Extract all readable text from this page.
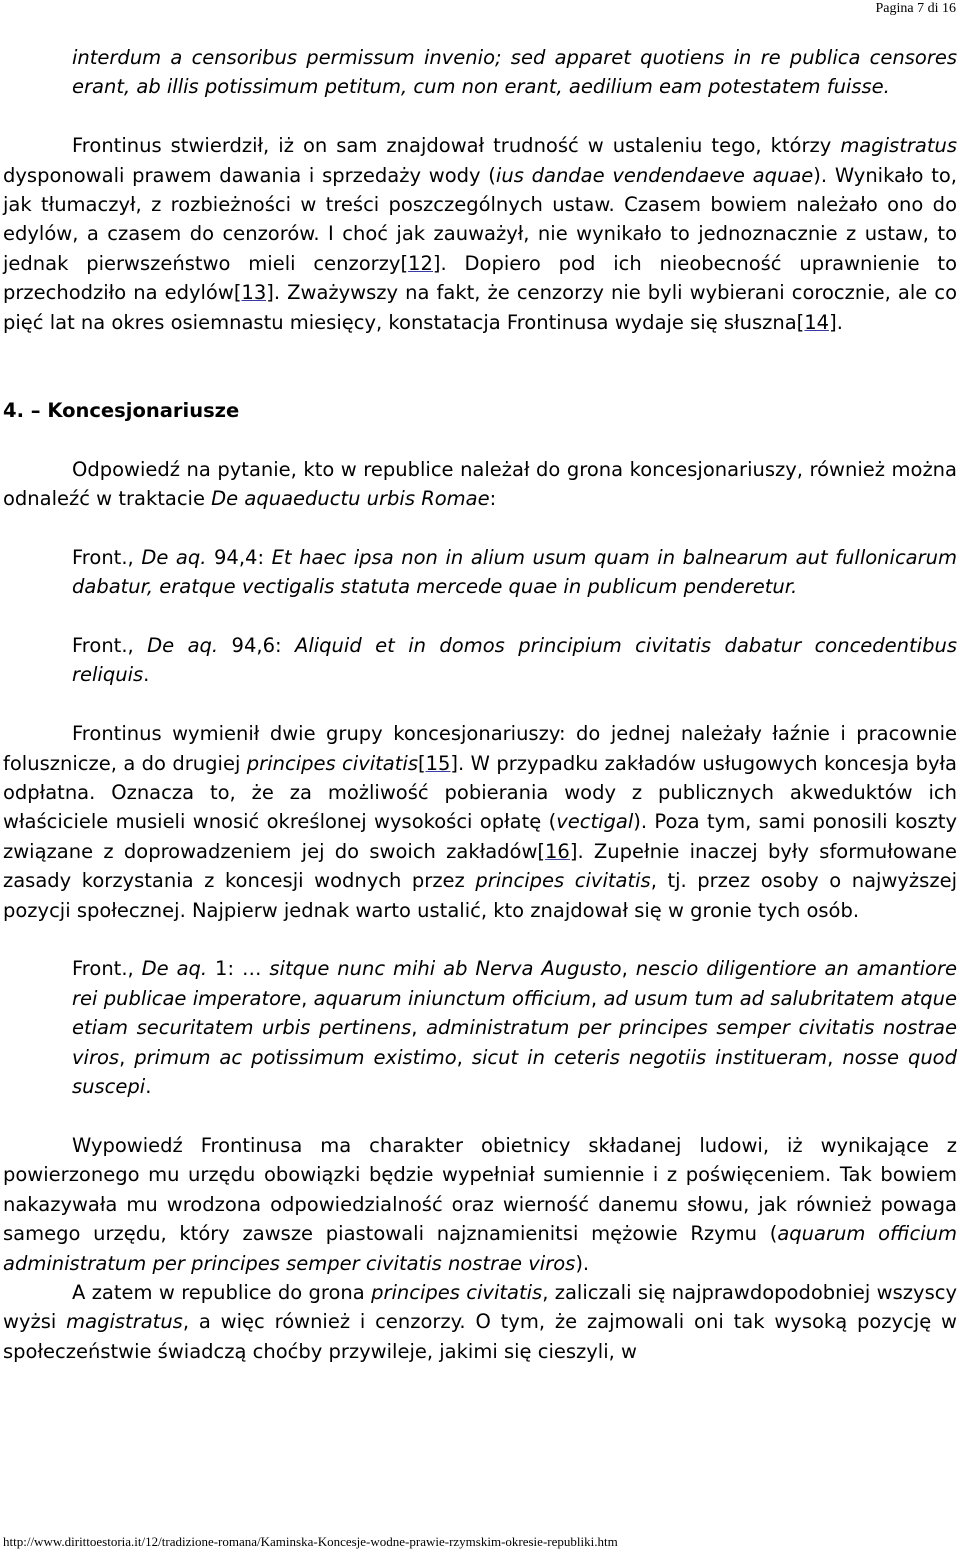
Pagina 7 di 16

interdum a censoribus permissum invenio; sed apparet quotiens in re publica censores erant, ab illis potissimum petitum, cum non erant, aedilium eam potestatem fuisse.

Frontinus stwierdził, iż on sam znajdował trudność w ustaleniu tego, którzy magistratus dysponowali prawem dawania i sprzedaży wody (ius dandae vendendaeve aquae). Wynikało to, jak tłumaczył, z rozbieżności w treści poszczególnych ustaw. Czasem bowiem należało ono do edylów, a czasem do cenzorów. I choć jak zauważył, nie wynikało to jednoznacznie z ustaw, to jednak pierwszeństwo mieli cenzorzy[12]. Dopiero pod ich nieobecność uprawnienie to przechodziło na edylów[13]. Zważywszy na fakt, że cenzorzy nie byli wybierani corocznie, ale co pięć lat na okres osiemnastu miesięcy, konstatacja Frontinusa wydaje się słuszna[14].

4. – Koncesjonariusze

Odpowiedź na pytanie, kto w republice należał do grona koncesjonariuszy, również można odnaleźć w traktacie De aquaeductu urbis Romae:

Front., De aq. 94,4: Et haec ipsa non in alium usum quam in balnearum aut fullonicarum dabatur, eratque vectigalis statuta mercede quae in publicum penderetur.

Front., De aq. 94,6: Aliquid et in domos principium civitatis dabatur concedentibus reliquis.

Frontinus wymienił dwie grupy koncesjonariuszy: do jednej należały łaźnie i pracownie foluszniсze, a do drugiej principes civitatis[15]. W przypadku zakładów usługowych koncesja była odpłatna. Oznacza to, że za możliwość pobierania wody z publicznych akweduktów ich właściciele musieli wnosić określonej wysokości opłatę (vectigal). Poza tym, sami ponosili koszty związane z doprowadzeniem jej do swoich zakładów[16]. Zupełnie inaczej były sformułowane zasady korzystania z koncesji wodnych przez principes civitatis, tj. przez osoby o najwyższej pozycji społecznej. Najpierw jednak warto ustalić, kto znajdował się w gronie tych osób.

Front., De aq. 1: … sitque nunc mihi ab Nerva Augusto, nescio diligentiore an amantiore rei publicae imperatore, aquarum iniunctum officium, ad usum tum ad salubritatem atque etiam securitatem urbis pertinens, administratum per principes semper civitatis nostrae viros, primum ac potissimum existimo, sicut in ceteris negotiis institueram, nosse quod suscepi.

Wypowiedź Frontinusa ma charakter obietnicy składanej ludowi, iż wynikające z powierzonego mu urzędu obowiązki będzie wypełniał sumiennie i z poświęceniem. Tak bowiem nakazywała mu wrodzona odpowiedzialność oraz wierność danemu słowu, jak również powaga samego urzędu, który zawsze piastowali najznamienitsi mężowie Rzymu (aquarum officium administratum per principes semper civitatis nostrae viros).

A zatem w republice do grona principes civitatis, zaliczali się najprawdopodobniej wszyscy wyżsi magistratus, a więc również i cenzorzy. O tym, że zajmowali oni tak wysoką pozycję w społeczeństwie świadczą choćby przywileje, jakimi się cieszyli, w

http://www.dirittoestoria.it/12/tradizione-romana/Kaminska-Koncesje-wodne-prawie-rzymskim-okresie-republiki.htm
